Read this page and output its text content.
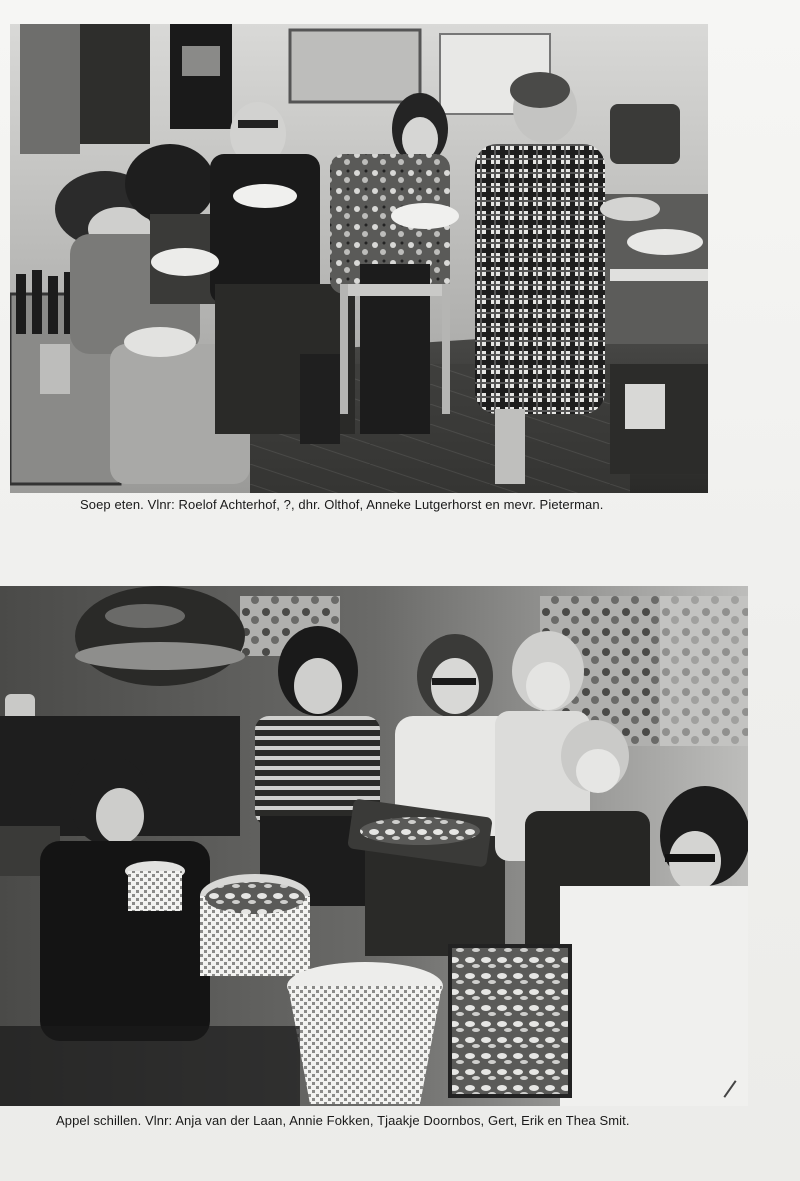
Soep eten. Vlnr: Roelof Achterhof, ?, dhr. Olthof, Anneke Lutgerhorst en mevr. Pieterman.
Appel schillen. Vlnr: Anja van der Laan, Annie Fokken, Tjaakje Doornbos, Gert, Erik en Thea Smit.
